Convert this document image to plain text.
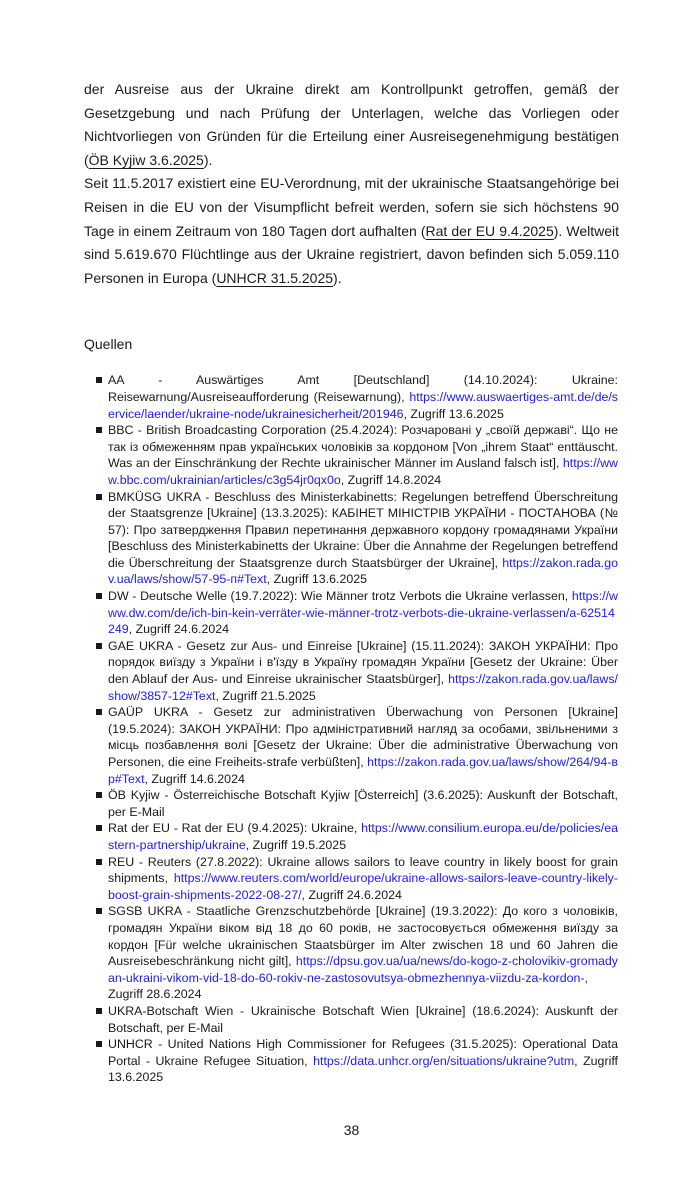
der Ausreise aus der Ukraine direkt am Kontrollpunkt getroffen, gemäß der Gesetzgebung und nach Prüfung der Unterlagen, welche das Vorliegen oder Nichtvorliegen von Gründen für die Erteilung einer Ausreisegenehmigung bestätigen (ÖB Kyjiw 3.6.2025).

Seit 11.5.2017 existiert eine EU-Verordnung, mit der ukrainische Staatsangehörige bei Reisen in die EU von der Visumpflicht befreit werden, sofern sie sich höchstens 90 Tage in einem Zeitraum von 180 Tagen dort aufhalten (Rat der EU 9.4.2025). Weltweit sind 5.619.670 Flüchtlinge aus der Ukraine registriert, davon befinden sich 5.059.110 Personen in Europa (UNHCR 31.5.2025).

Quellen

AA - Auswärtiges Amt [Deutschland] (14.10.2024): Ukraine: Reisewarnung/Ausreiseaufforderung (Reisewarnung), https://www.auswaertiges-amt.de/de/service/laender/ukraine-node/ukrainesicherheit/201946, Zugriff 13.6.2025
BBC - British Broadcasting Corporation (25.4.2024): Розчаровані у „своїй державі“. Що не так із обмеженням прав українських чоловіків за кордоном [Von „ihrem Staat“ enttäuscht. Was an der Einschränkung der Rechte ukrainischer Männer im Ausland falsch ist], https://www.bbc.com/ukrainian/articles/c3g54jr0qx0o, Zugriff 14.8.2024
BMKÜSG UKRA - Beschluss des Ministerkabinetts: Regelungen betreffend Überschreitung der Staatsgrenze [Ukraine] (13.3.2025): КАБІНЕТ МІНІСТРІВ УКРАЇНИ - ПОСТАНОВА (№ 57): Про затвердження Правил перетинання державного кордону громадянами України [Beschluss des Ministerkabinetts der Ukraine: Über die Annahme der Regelungen betreffend die Überschreitung der Staatsgrenze durch Staatsbürger der Ukraine], https://zakon.rada.gov.ua/laws/show/57-95-п#Text, Zugriff 13.6.2025
DW - Deutsche Welle (19.7.2022): Wie Männer trotz Verbots die Ukraine verlassen, https://www.dw.com/de/ich-bin-kein-verräter-wie-männer-trotz-verbots-die-ukraine-verlassen/a-62514249, Zugriff 24.6.2024
GAE UKRA - Gesetz zur Aus- und Einreise [Ukraine] (15.11.2024): ЗАКОН УКРАЇНИ: Про порядок виїзду з України і в'їзду в Україну громадян України [Gesetz der Ukraine: Über den Ablauf der Aus- und Einreise ukrainischer Staatsbürger], https://zakon.rada.gov.ua/laws/show/3857-12#Text, Zugriff 21.5.2025
GAÜP UKRA - Gesetz zur administrativen Überwachung von Personen [Ukraine] (19.5.2024): ЗАКОН УКРАЇНИ: Про адміністративний нагляд за особами, звільненими з місць позбавлення волі [Gesetz der Ukraine: Über die administrative Überwachung von Personen, die eine Freiheits-strafe verbüßten], https://zakon.rada.gov.ua/laws/show/264/94-вр#Text, Zugriff 14.6.2024
ÖB Kyjiw - Österreichische Botschaft Kyjiw [Österreich] (3.6.2025): Auskunft der Botschaft, per E-Mail
Rat der EU - Rat der EU (9.4.2025): Ukraine, https://www.consilium.europa.eu/de/policies/eastern-partnership/ukraine, Zugriff 19.5.2025
REU - Reuters (27.8.2022): Ukraine allows sailors to leave country in likely boost for grain shipments, https://www.reuters.com/world/europe/ukraine-allows-sailors-leave-country-likely-boost-grain-shipments-2022-08-27/, Zugriff 24.6.2024
SGSB UKRA - Staatliche Grenzschutzbehörde [Ukraine] (19.3.2022): До кого з чоловіків, громадян України віком від 18 до 60 років, не застосовується обмеження виїзду за кордон [Für welche ukrainischen Staatsbürger im Alter zwischen 18 und 60 Jahren die Ausreisebeschränkung nicht gilt], https://dpsu.gov.ua/ua/news/do-kogo-z-cholovikiv-gromadyan-ukraini-vikom-vid-18-do-60-rokiv-ne-zastosovutsya-obmezhennya-viizdu-za-kordon-, Zugriff 28.6.2024
UKRA-Botschaft Wien - Ukrainische Botschaft Wien [Ukraine] (18.6.2024): Auskunft der Botschaft, per E-Mail
UNHCR - United Nations High Commissioner for Refugees (31.5.2025): Operational Data Portal - Ukraine Refugee Situation, https://data.unhcr.org/en/situations/ukraine?utm, Zugriff 13.6.2025
38
